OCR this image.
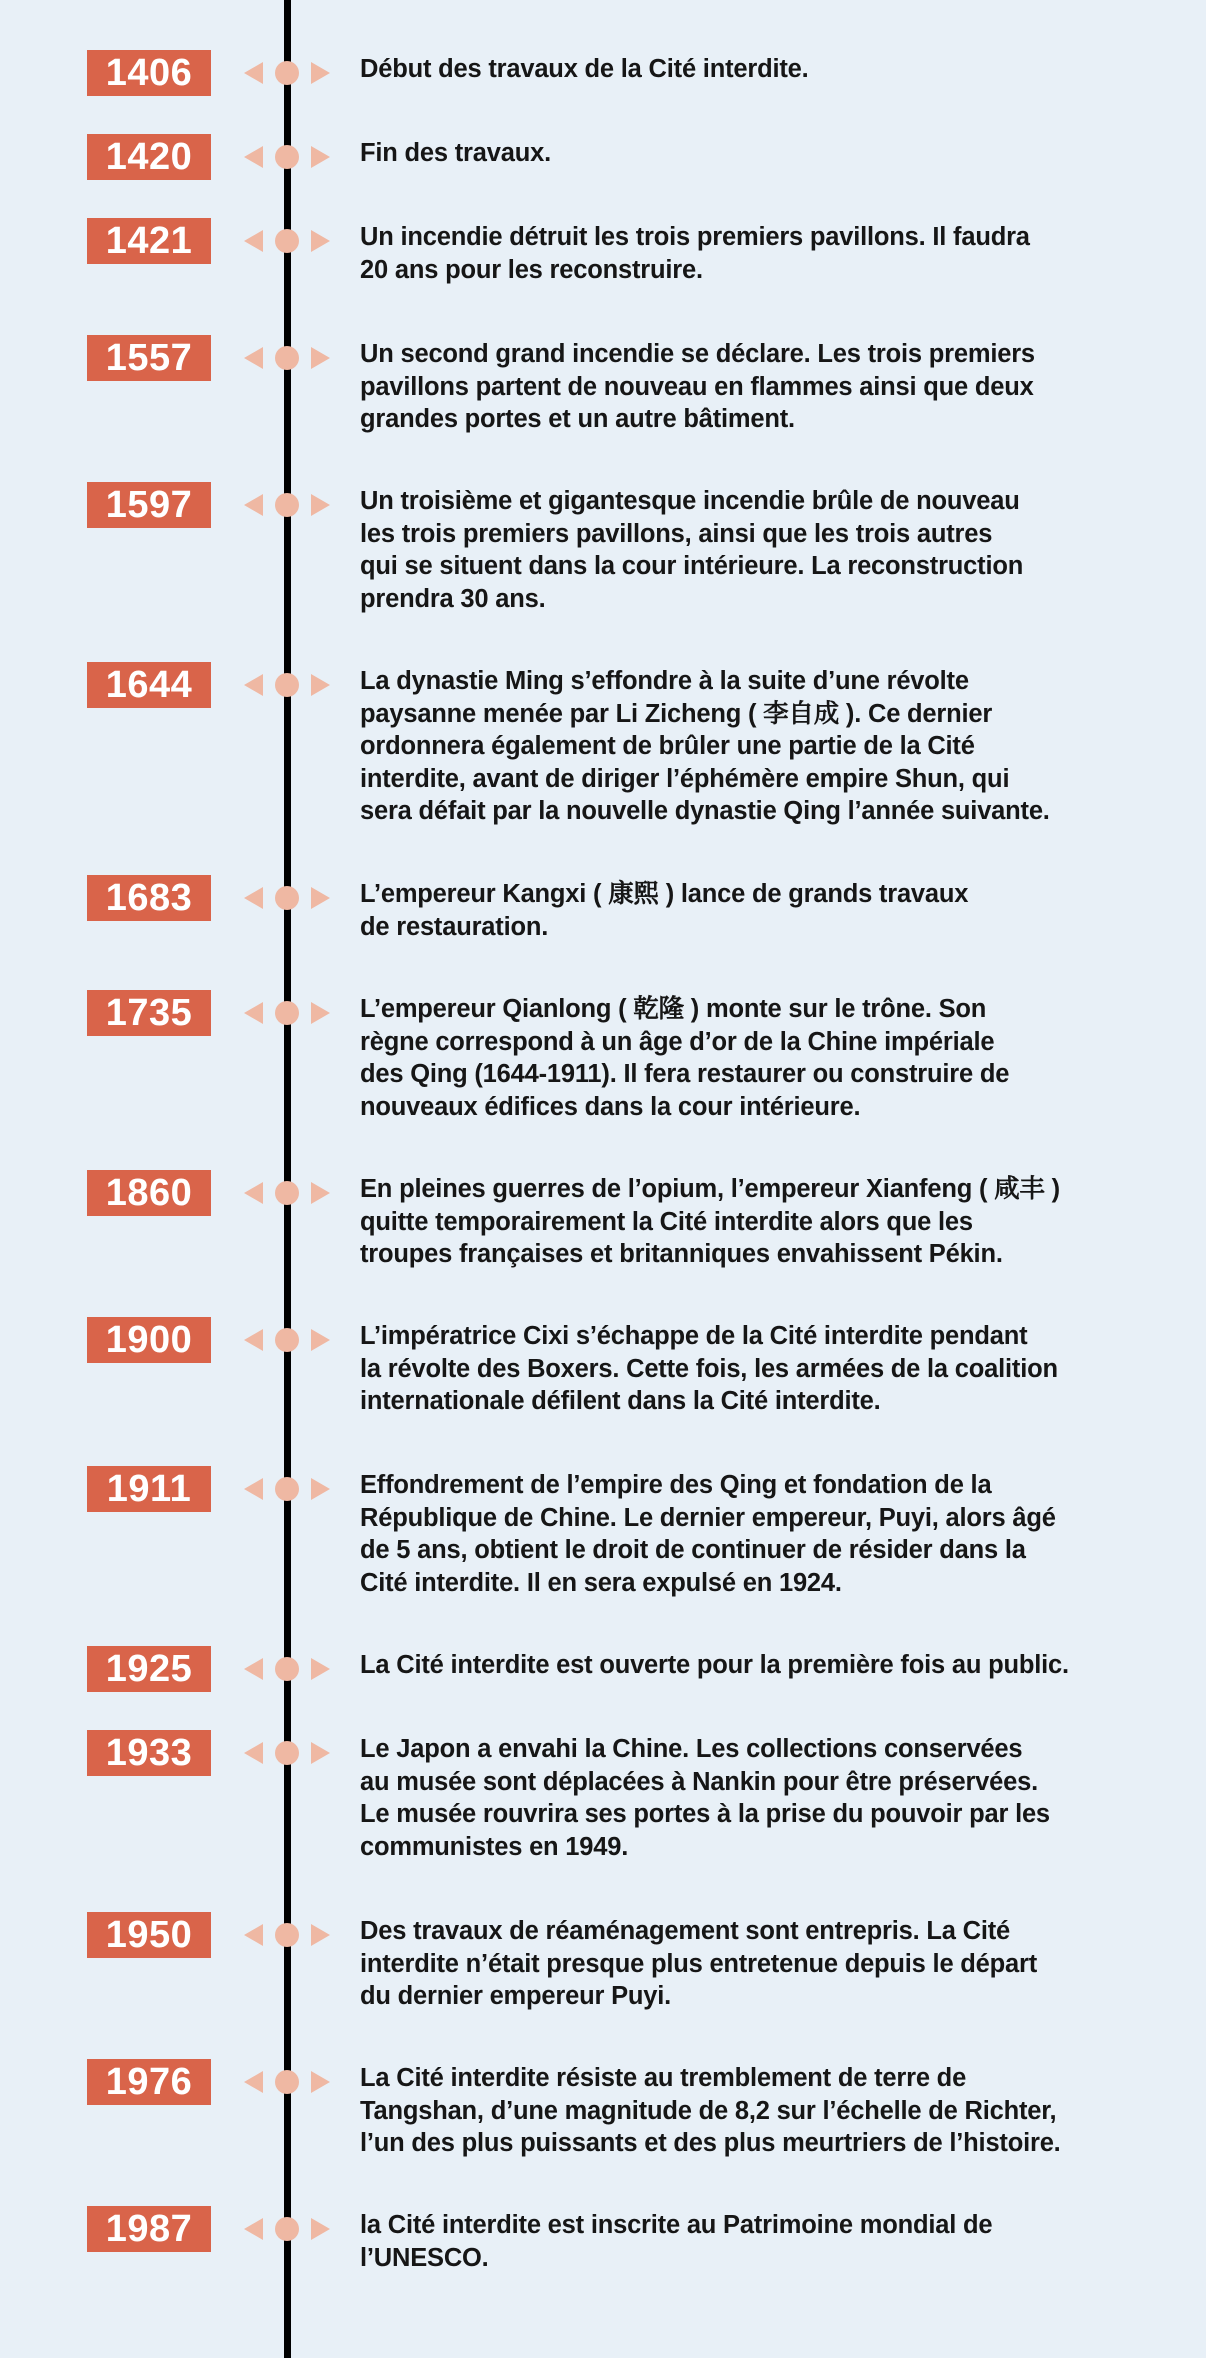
1406	Début des travaux de la Cité interdite.
1420	Fin des travaux.
1421	Un incendie détruit les trois premiers pavillons. Il faudra
20 ans pour les reconstruire.
1557	Un second grand incendie se déclare. Les trois premiers
pavillons partent de nouveau en flammes ainsi que deux
grandes portes et un autre bâtiment.
1597	Un troisième et gigantesque incendie brûle de nouveau
les trois premiers pavillons, ainsi que les trois autres
qui se situent dans la cour intérieure. La reconstruction
prendra 30 ans.
1644	La dynastie Ming s’effondre à la suite d’une révolte
paysanne menée par Li Zicheng ( 李自成 ). Ce dernier
ordonnera également de brûler une partie de la Cité
interdite, avant de diriger l’éphémère empire Shun, qui
sera défait par la nouvelle dynastie Qing l’année suivante.
1683	L’empereur Kangxi ( 康熙 ) lance de grands travaux
de restauration.
1735	L’empereur Qianlong ( 乾隆 ) monte sur le trône. Son
règne correspond à un âge d’or de la Chine impériale
des Qing (1644-1911). Il fera restaurer ou construire de
nouveaux édifices dans la cour intérieure.
1860	En pleines guerres de l’opium, l’empereur Xianfeng ( 咸丰 )
quitte temporairement la Cité interdite alors que les
troupes françaises et britanniques envahissent Pékin.
1900	L’impératrice Cixi s’échappe de la Cité interdite pendant
la révolte des Boxers. Cette fois, les armées de la coalition
internationale défilent dans la Cité interdite.
1911	Effondrement de l’empire des Qing et fondation de la
République de Chine. Le dernier empereur, Puyi, alors âgé
de 5 ans, obtient le droit de continuer de résider dans la
Cité interdite. Il en sera expulsé en 1924.
1925	La Cité interdite est ouverte pour la première fois au public.
1933	Le Japon a envahi la Chine. Les collections conservées
au musée sont déplacées à Nankin pour être préservées.
Le musée rouvrira ses portes à la prise du pouvoir par les
communistes en 1949.
1950	Des travaux de réaménagement sont entrepris. La Cité
interdite n’était presque plus entretenue depuis le départ
du dernier empereur Puyi.
1976	La Cité interdite résiste au tremblement de terre de
Tangshan, d’une magnitude de 8,2 sur l’échelle de Richter,
l’un des plus puissants et des plus meurtriers de l’histoire.
1987	la Cité interdite est inscrite au Patrimoine mondial de
l’UNESCO.
